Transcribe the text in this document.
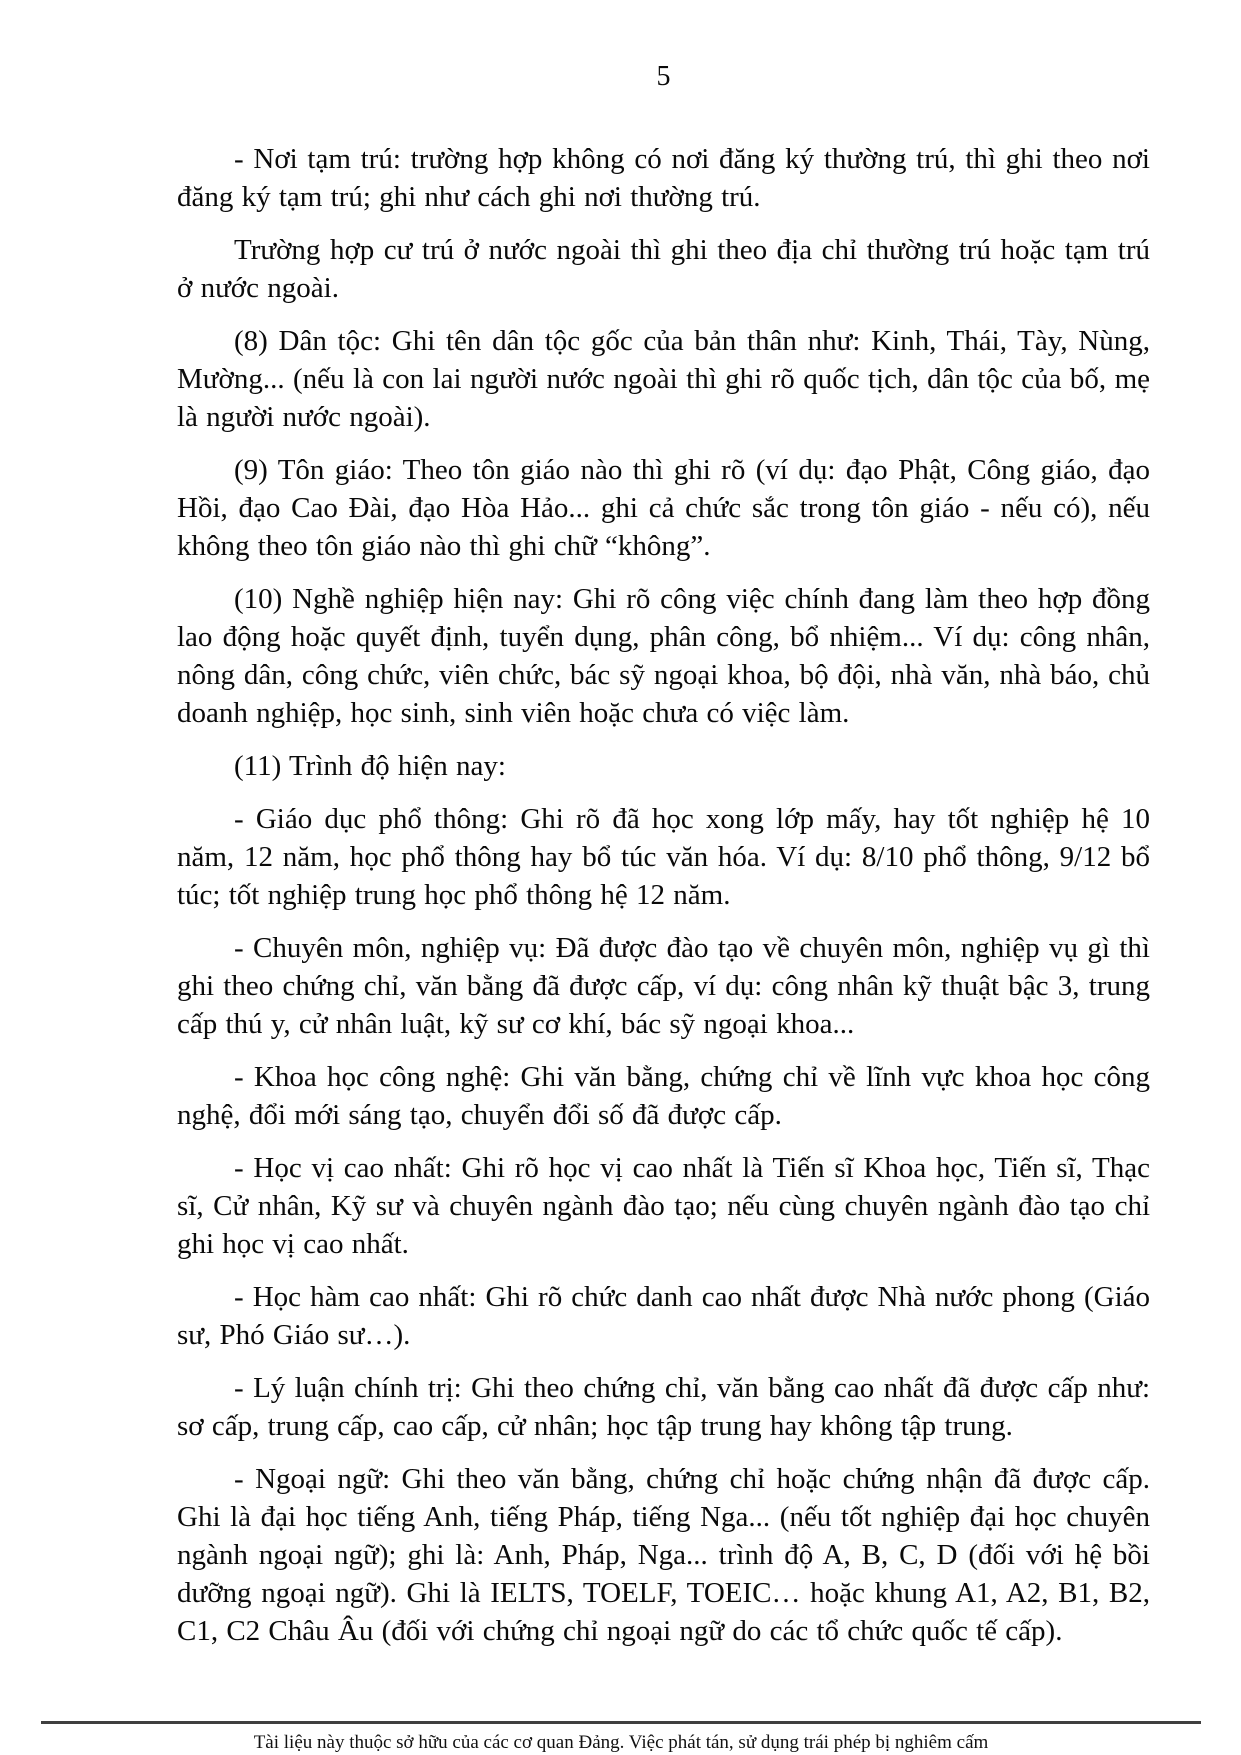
5

- Nơi tạm trú: trường hợp không có nơi đăng ký thường trú, thì ghi theo nơi đăng ký tạm trú; ghi như cách ghi nơi thường trú.

Trường hợp cư trú ở nước ngoài thì ghi theo địa chỉ thường trú hoặc tạm trú ở nước ngoài.

(8) Dân tộc: Ghi tên dân tộc gốc của bản thân như: Kinh, Thái, Tày, Nùng, Mường... (nếu là con lai người nước ngoài thì ghi rõ quốc tịch, dân tộc của bố, mẹ là người nước ngoài).

(9) Tôn giáo: Theo tôn giáo nào thì ghi rõ (ví dụ: đạo Phật, Công giáo, đạo Hồi, đạo Cao Đài, đạo Hòa Hảo... ghi cả chức sắc trong tôn giáo - nếu có), nếu không theo tôn giáo nào thì ghi chữ “không”.

(10) Nghề nghiệp hiện nay: Ghi rõ công việc chính đang làm theo hợp đồng lao động hoặc quyết định, tuyển dụng, phân công, bổ nhiệm... Ví dụ: công nhân, nông dân, công chức, viên chức, bác sỹ ngoại khoa, bộ đội, nhà văn, nhà báo, chủ doanh nghiệp, học sinh, sinh viên hoặc chưa có việc làm.

(11) Trình độ hiện nay:

- Giáo dục phổ thông: Ghi rõ đã học xong lớp mấy, hay tốt nghiệp hệ 10 năm, 12 năm, học phổ thông hay bổ túc văn hóa. Ví dụ: 8/10 phổ thông, 9/12 bổ túc; tốt nghiệp trung học phổ thông hệ 12 năm.

- Chuyên môn, nghiệp vụ: Đã được đào tạo về chuyên môn, nghiệp vụ gì thì ghi theo chứng chỉ, văn bằng đã được cấp, ví dụ: công nhân kỹ thuật bậc 3, trung cấp thú y, cử nhân luật, kỹ sư cơ khí, bác sỹ ngoại khoa...

- Khoa học công nghệ: Ghi văn bằng, chứng chỉ về lĩnh vực khoa học công nghệ, đổi mới sáng tạo, chuyển đổi số đã được cấp.

- Học vị cao nhất: Ghi rõ học vị cao nhất là Tiến sĩ Khoa học, Tiến sĩ, Thạc sĩ, Cử nhân, Kỹ sư và chuyên ngành đào tạo; nếu cùng chuyên ngành đào tạo chỉ ghi học vị cao nhất.

- Học hàm cao nhất: Ghi rõ chức danh cao nhất được Nhà nước phong (Giáo sư, Phó Giáo sư…).

- Lý luận chính trị: Ghi theo chứng chỉ, văn bằng cao nhất đã được cấp như: sơ cấp, trung cấp, cao cấp, cử nhân; học tập trung hay không tập trung.

- Ngoại ngữ: Ghi theo văn bằng, chứng chỉ hoặc chứng nhận đã được cấp. Ghi là đại học tiếng Anh, tiếng Pháp, tiếng Nga... (nếu tốt nghiệp đại học chuyên ngành ngoại ngữ); ghi là: Anh, Pháp, Nga... trình độ A, B, C, D (đối với hệ bồi dưỡng ngoại ngữ). Ghi là IELTS, TOELF, TOEIC… hoặc khung A1, A2, B1, B2, C1, C2 Châu Âu (đối với chứng chỉ ngoại ngữ do các tổ chức quốc tế cấp).

Tài liệu này thuộc sở hữu của các cơ quan Đảng. Việc phát tán, sử dụng trái phép bị nghiêm cấm
